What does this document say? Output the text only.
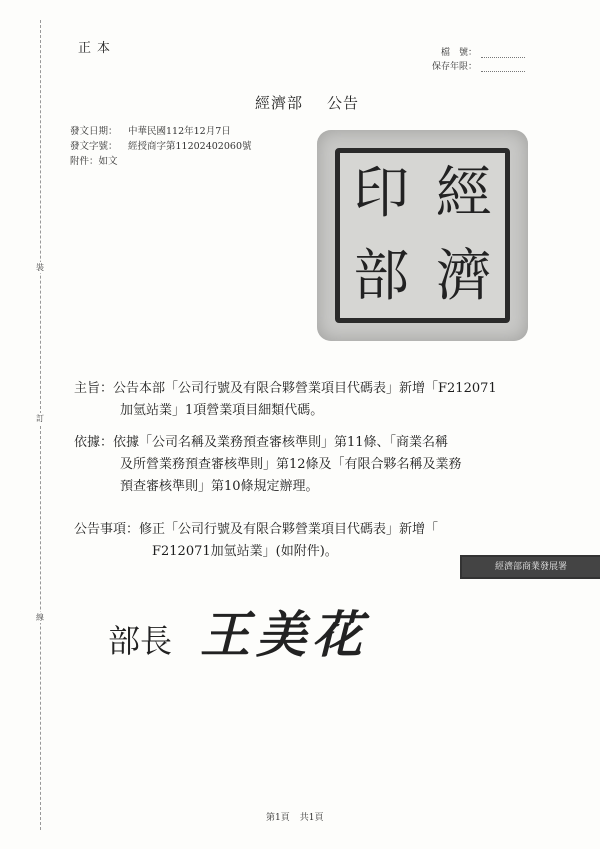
裝
訂
線
正本	檔　號：
保存年限：
經濟部 公告
發文日期： 中華民國112年12月7日
發文字號： 經授商字第11202402060號
附件：如文	印 經
部 濟
主旨：公告本部「公司行號及有限合夥營業項目代碼表」新增「F212071
加氫站業」1項營業項目細類代碼。
依據：依據「公司名稱及業務預查審核準則」第11條、「商業名稱
及所營業務預查審核準則」第12條及「有限合夥名稱及業務
預查審核準則」第10條規定辦理。
公告事項：修正「公司行號及有限合夥營業項目代碼表」新增「
F212071加氫站業」(如附件)。
經濟部商業發展署
部長 王美花
第1頁 共1頁
